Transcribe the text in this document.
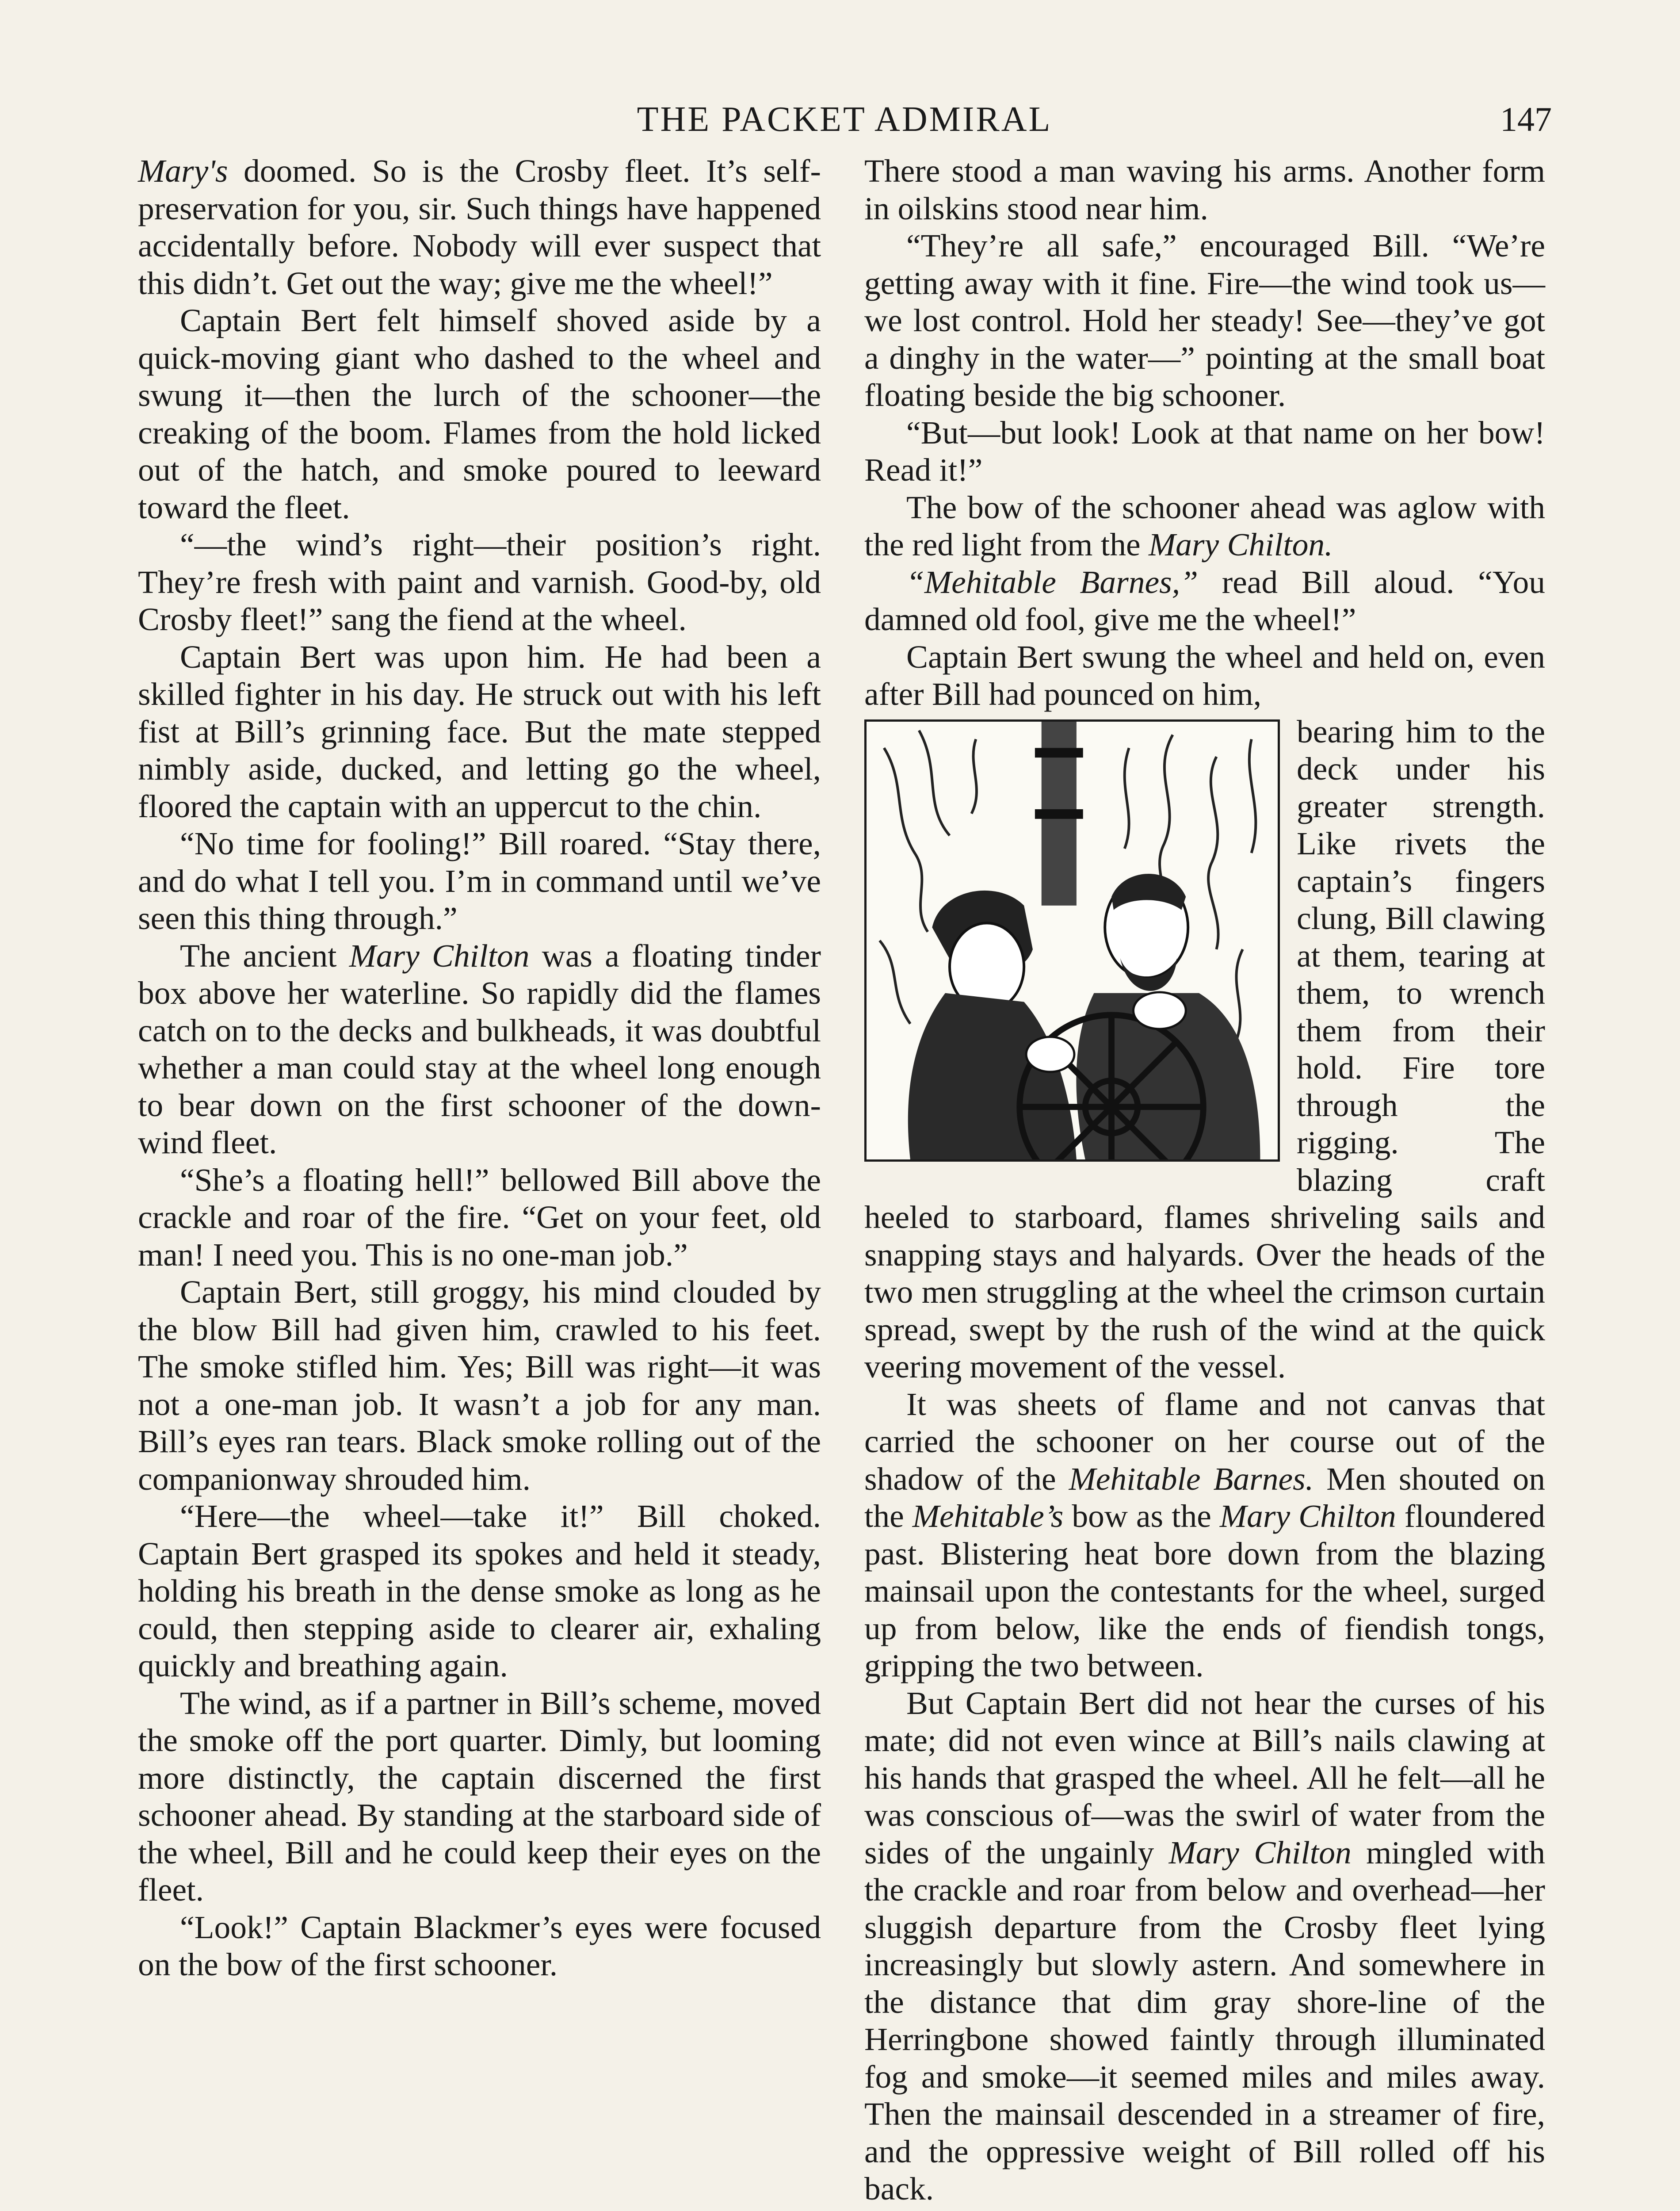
THE PACKET ADMIRAL	147

Mary's doomed. So is the Crosby fleet. It’s self-preservation for you, sir. Such things have happened accidentally before. Nobody will ever suspect that this didn’t. Get out the way; give me the wheel!”

Captain Bert felt himself shoved aside by a quick-moving giant who dashed to the wheel and swung it—then the lurch of the schooner—the creaking of the boom. Flames from the hold licked out of the hatch, and smoke poured to leeward toward the fleet.

“—the wind’s right—their position’s right. They’re fresh with paint and varnish. Good-by, old Crosby fleet!” sang the fiend at the wheel.

Captain Bert was upon him. He had been a skilled fighter in his day. He struck out with his left fist at Bill’s grinning face. But the mate stepped nimbly aside, ducked, and letting go the wheel, floored the captain with an uppercut to the chin.

“No time for fooling!” Bill roared. “Stay there, and do what I tell you. I’m in command until we’ve seen this thing through.”

The ancient Mary Chilton was a floating tinder box above her waterline. So rapidly did the flames catch on to the decks and bulkheads, it was doubtful whether a man could stay at the wheel long enough to bear down on the first schooner of the down-wind fleet.

“She’s a floating hell!” bellowed Bill above the crackle and roar of the fire. “Get on your feet, old man! I need you. This is no one-man job.”

Captain Bert, still groggy, his mind clouded by the blow Bill had given him, crawled to his feet. The smoke stifled him. Yes; Bill was right—it was not a one-man job. It wasn’t a job for any man. Bill’s eyes ran tears. Black smoke rolling out of the companionway shrouded him.

“Here—the wheel—take it!” Bill choked. Captain Bert grasped its spokes and held it steady, holding his breath in the dense smoke as long as he could, then stepping aside to clearer air, exhaling quickly and breathing again.

The wind, as if a partner in Bill’s scheme, moved the smoke off the port quarter. Dimly, but looming more distinctly, the captain discerned the first schooner ahead. By standing at the starboard side of the wheel, Bill and he could keep their eyes on the fleet.

“Look!” Captain Blackmer’s eyes were focused on the bow of the first schooner.

There stood a man waving his arms. Another form in oilskins stood near him.

“They’re all safe,” encouraged Bill. “We’re getting away with it fine. Fire—the wind took us—we lost control. Hold her steady! See—they’ve got a dinghy in the water—” pointing at the small boat floating beside the big schooner.

“But—but look! Look at that name on her bow! Read it!”

The bow of the schooner ahead was aglow with the red light from the Mary Chilton.

“Mehitable Barnes,” read Bill aloud. “You damned old fool, give me the wheel!”

Captain Bert swung the wheel and held on, even after Bill had pounced on him,

bearing him to the deck under his greater strength. Like rivets the captain’s fingers clung, Bill clawing at them, tearing at them, to wrench them from their hold. Fire tore through the rigging. The blazing craft heeled to starboard, flames shriveling sails and snapping stays and halyards. Over the heads of the two men struggling at the wheel the crimson curtain spread, swept by the rush of the wind at the quick veering movement of the vessel.

It was sheets of flame and not canvas that carried the schooner on her course out of the shadow of the Mehitable Barnes. Men shouted on the Mehitable’s bow as the Mary Chilton floundered past. Blistering heat bore down from the blazing mainsail upon the contestants for the wheel, surged up from below, like the ends of fiendish tongs, gripping the two between.

But Captain Bert did not hear the curses of his mate; did not even wince at Bill’s nails clawing at his hands that grasped the wheel. All he felt—all he was conscious of—was the swirl of water from the sides of the ungainly Mary Chilton mingled with the crackle and roar from below and overhead—her sluggish departure from the Crosby fleet lying increasingly but slowly astern. And somewhere in the distance that dim gray shore-line of the Herringbone showed faintly through illuminated fog and smoke—it seemed miles and miles away. Then the mainsail descended in a streamer of fire, and the oppressive weight of Bill rolled off his back.
